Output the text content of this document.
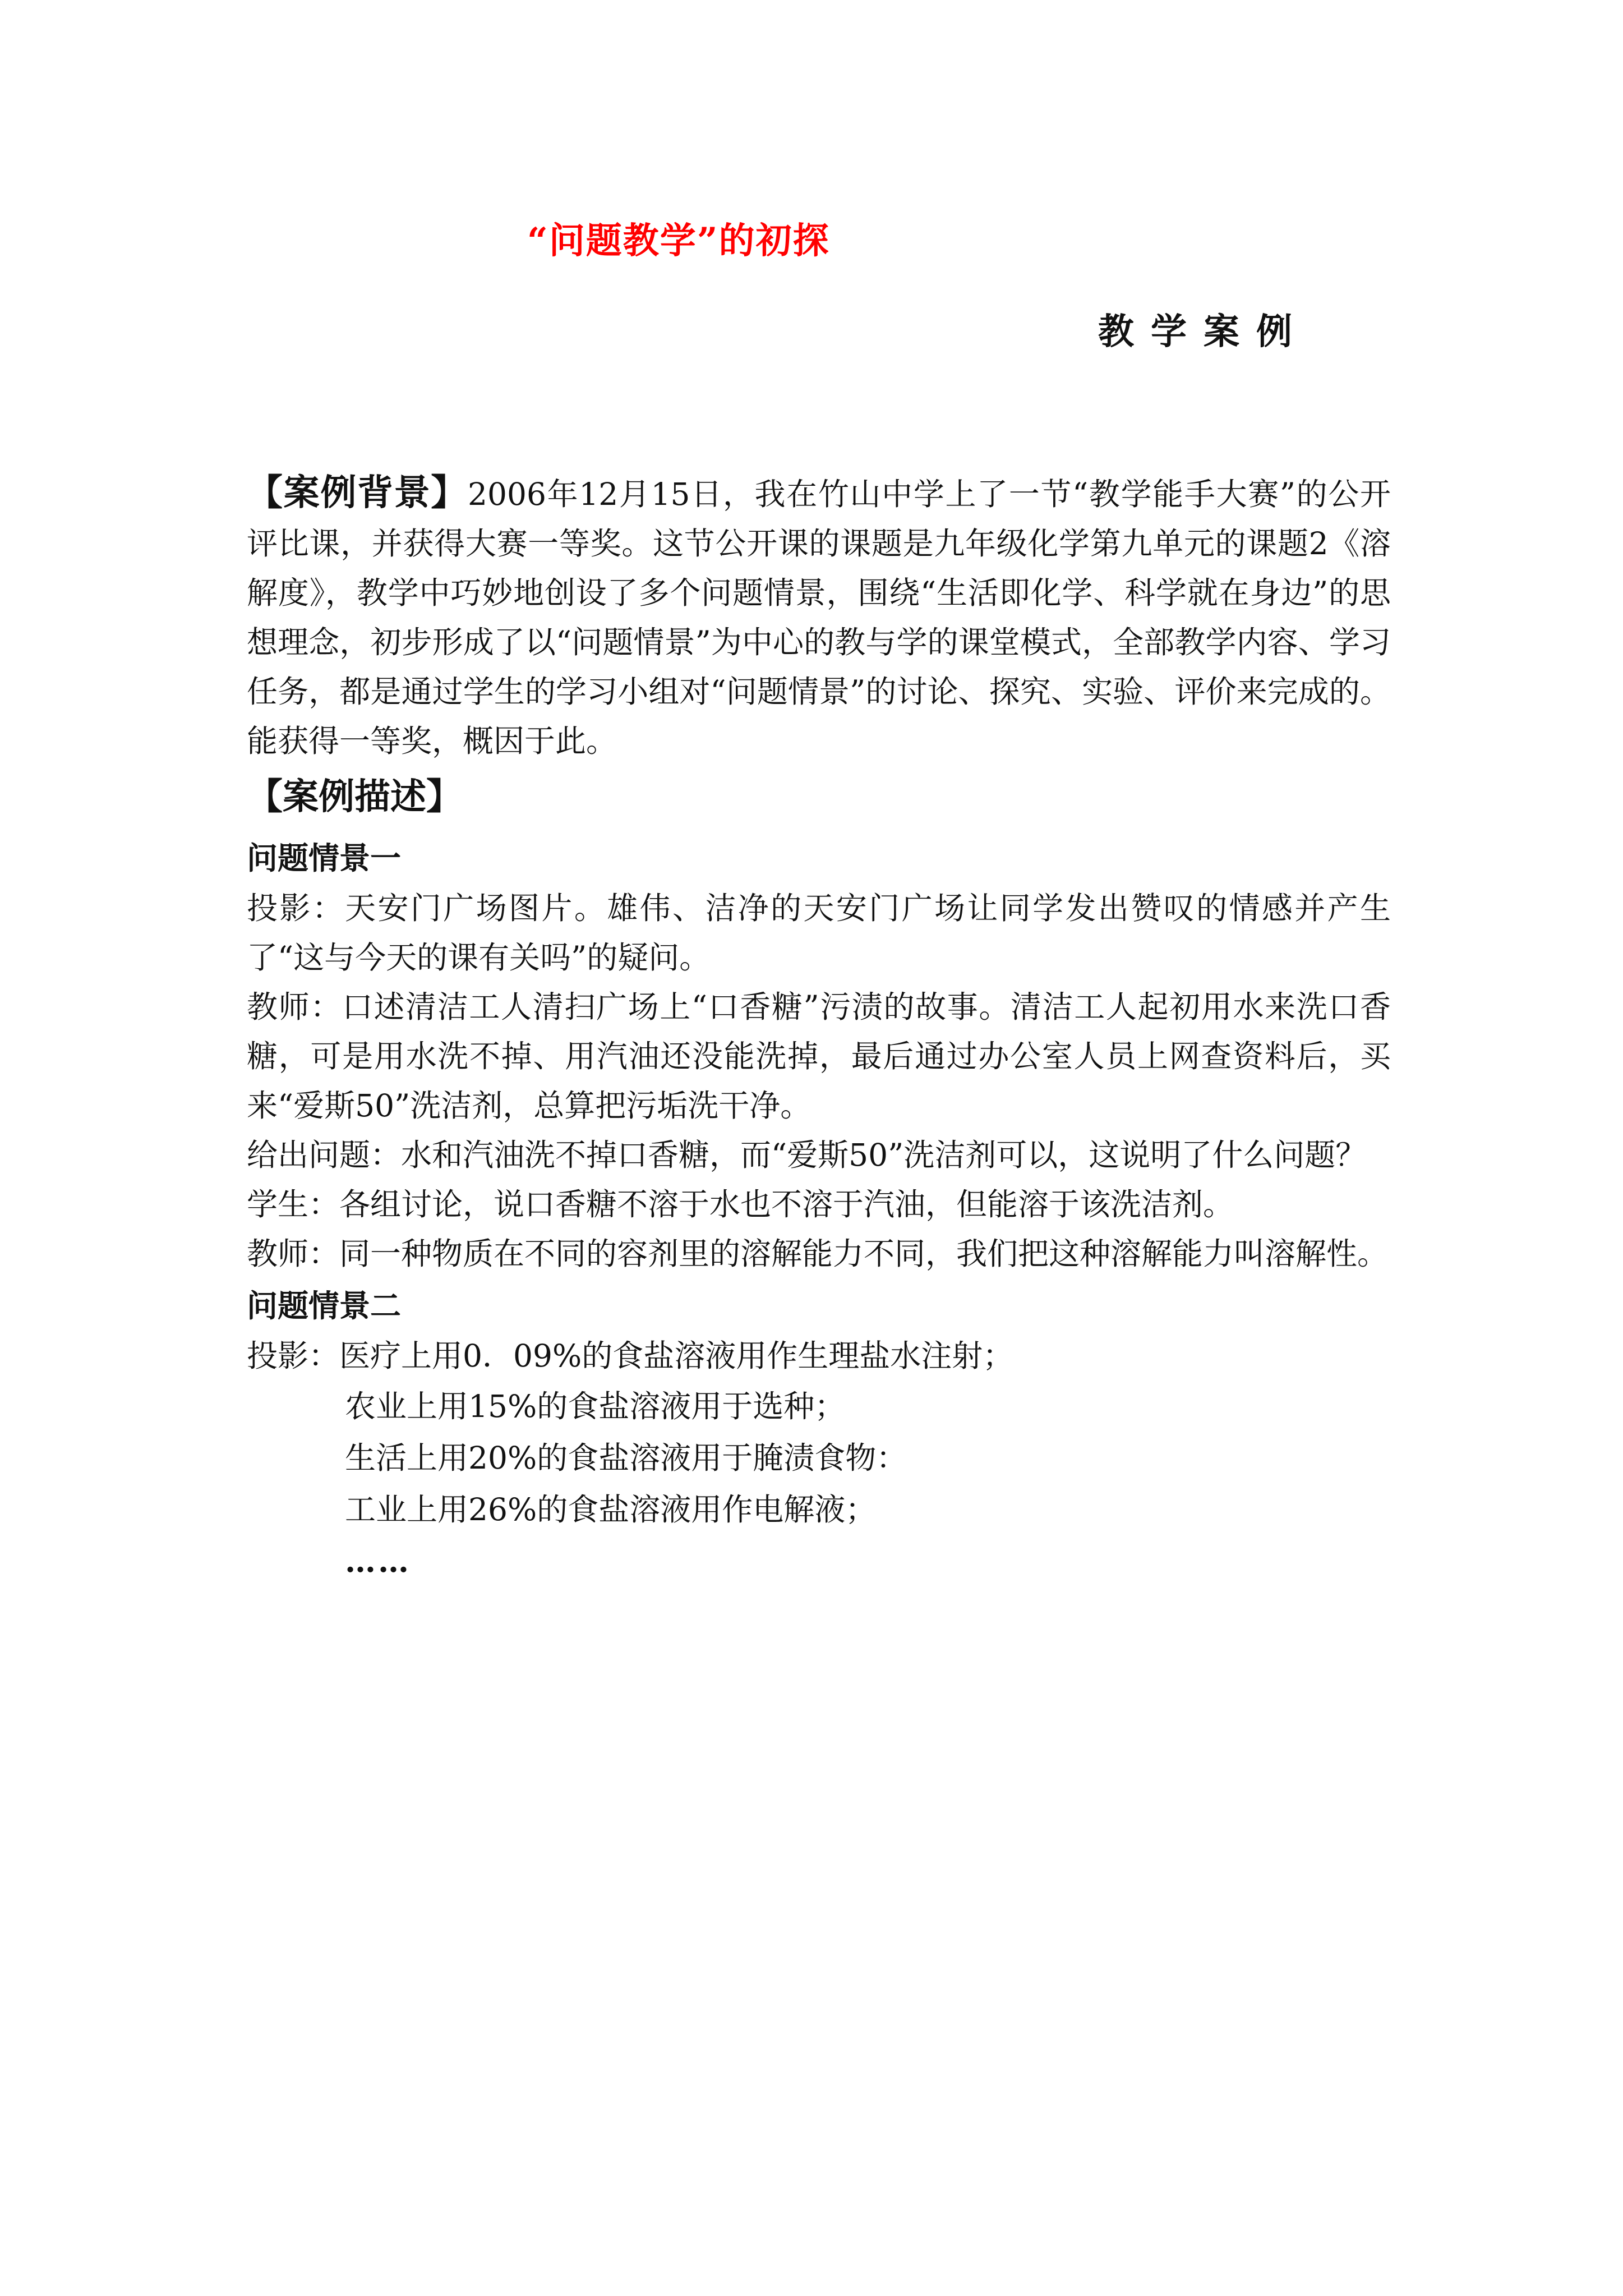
“问题教学”的初探
教学案例

【案例背景】2006年12月15日，我在竹山中学上了一节“教学能手大赛”的公开评比课，并获得大赛一等奖。这节公开课的课题是九年级化学第九单元的课题2《溶解度》，教学中巧妙地创设了多个问题情景，围绕“生活即化学、科学就在身边”的思想理念，初步形成了以“问题情景”为中心的教与学的课堂模式，全部教学内容、学习任务，都是通过学生的学习小组对“问题情景”的讨论、探究、实验、评价来完成的。能获得一等奖，概因于此。

【案例描述】
问题情景一

投影：天安门广场图片。雄伟、洁净的天安门广场让同学发出赞叹的情感并产生了“这与今天的课有关吗”的疑问。

教师：口述清洁工人清扫广场上“口香糖”污渍的故事。清洁工人起初用水来洗口香糖，可是用水洗不掉、用汽油还没能洗掉，最后通过办公室人员上网查资料后，买来“爱斯50”洗洁剂，总算把污垢洗干净。

给出问题：水和汽油洗不掉口香糖，而“爱斯50”洗洁剂可以，这说明了什么问题？

学生：各组讨论，说口香糖不溶于水也不溶于汽油，但能溶于该洗洁剂。

教师：同一种物质在不同的容剂里的溶解能力不同，我们把这种溶解能力叫溶解性。

问题情景二

投影：医疗上用0．09%的食盐溶液用作生理盐水注射；

农业上用15%的食盐溶液用于选种；
生活上用20%的食盐溶液用于腌渍食物：
工业上用26%的食盐溶液用作电解液；
……
